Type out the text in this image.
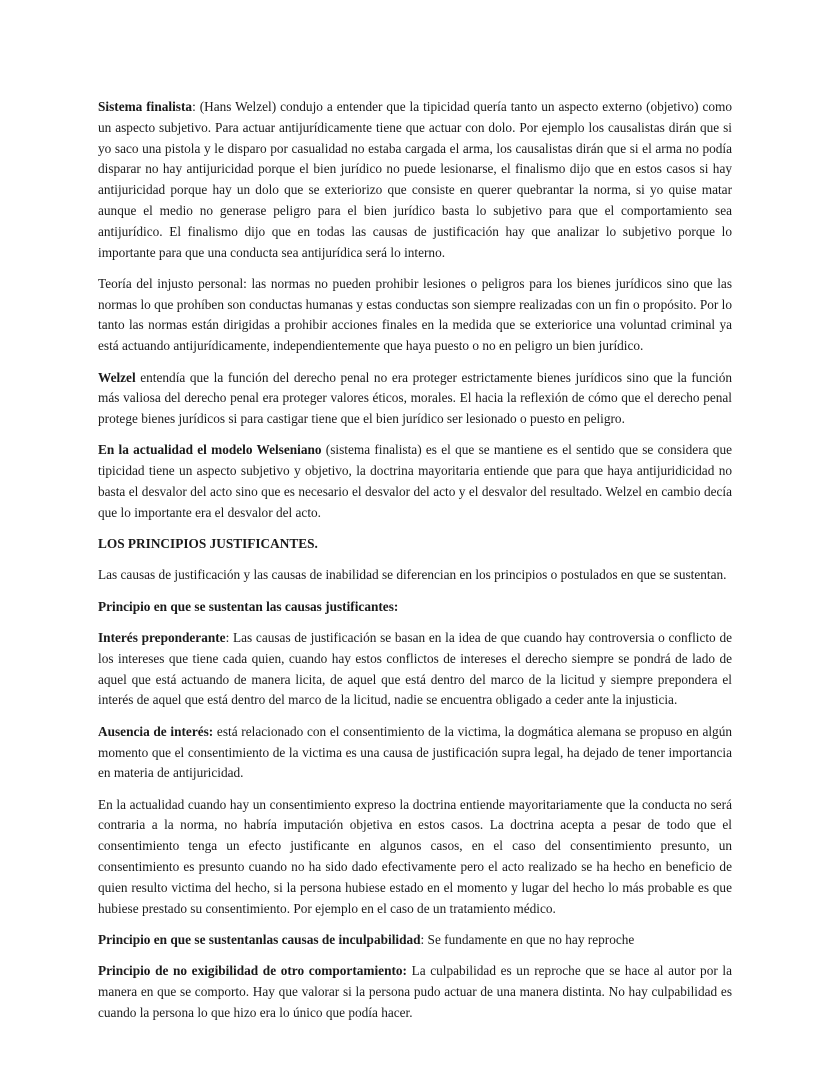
Sistema finalista: (Hans Welzel) condujo a entender que la tipicidad quería tanto un aspecto externo (objetivo) como un aspecto subjetivo. Para actuar antijurídicamente tiene que actuar con dolo. Por ejemplo los causalistas dirán que si yo saco una pistola y le disparo por casualidad no estaba cargada el arma, los causalistas dirán que si el arma no podía disparar no hay antijuricidad porque el bien jurídico no puede lesionarse, el finalismo dijo que en estos casos si hay antijuricidad porque hay un dolo que se exteriorizo que consiste en querer quebrantar la norma, si yo quise matar aunque el medio no generase peligro para el bien jurídico basta lo subjetivo para que el comportamiento sea antijurídico. El finalismo dijo que en todas las causas de justificación hay que analizar lo subjetivo porque lo importante para que una conducta sea antijurídica será lo interno.

Teoría del injusto personal: las normas no pueden prohibir lesiones o peligros para los bienes jurídicos sino que las normas lo que prohíben son conductas humanas y estas conductas son siempre realizadas con un fin o propósito. Por lo tanto las normas están dirigidas a prohibir acciones finales en la medida que se exteriorice una voluntad criminal ya está actuando antijurídicamente, independientemente que haya puesto o no en peligro un bien jurídico.

Welzel entendía que la función del derecho penal no era proteger estrictamente bienes jurídicos sino que la función más valiosa del derecho penal era proteger valores éticos, morales. El hacia la reflexión de cómo que el derecho penal protege bienes jurídicos si para castigar tiene que el bien jurídico ser lesionado o puesto en peligro.

En la actualidad el modelo Welseniano (sistema finalista) es el que se mantiene es el sentido que se considera que tipicidad tiene un aspecto subjetivo y objetivo, la doctrina mayoritaria entiende que para que haya antijuridicidad no basta el desvalor del acto sino que es necesario el desvalor del acto y el desvalor del resultado. Welzel en cambio decía que lo importante era el desvalor del acto.

LOS PRINCIPIOS JUSTIFICANTES.

Las causas de justificación y las causas de inabilidad se diferencian en los principios o postulados en que se sustentan.

Principio en que se sustentan las causas justificantes:

Interés preponderante: Las causas de justificación se basan en la idea de que cuando hay controversia o conflicto de los intereses que tiene cada quien, cuando hay estos conflictos de intereses el derecho siempre se pondrá de lado de aquel que está actuando de manera licita, de aquel que está dentro del marco de la licitud y siempre prepondera el interés de aquel que está dentro del marco de la licitud, nadie se encuentra obligado a ceder ante la injusticia.

Ausencia de interés: está relacionado con el consentimiento de la victima, la dogmática alemana se propuso en algún momento que el consentimiento de la victima es una causa de justificación supra legal, ha dejado de tener importancia en materia de antijuricidad.

En la actualidad cuando hay un consentimiento expreso la doctrina entiende mayoritariamente que la conducta no será contraria a la norma, no habría imputación objetiva en estos casos. La doctrina acepta a pesar de todo que el consentimiento tenga un efecto justificante en algunos casos, en el caso del consentimiento presunto, un consentimiento es presunto cuando no ha sido dado efectivamente pero el acto realizado se ha hecho en beneficio de quien resulto victima del hecho, si la persona hubiese estado en el momento y lugar del hecho lo más probable es que hubiese prestado su consentimiento. Por ejemplo en el caso de un tratamiento médico.

Principio en que se sustentanlas causas de inculpabilidad: Se fundamente en que no hay reproche

Principio de no exigibilidad de otro comportamiento: La culpabilidad es un reproche que se hace al autor por la manera en que se comporto. Hay que valorar si la persona pudo actuar de una manera distinta. No hay culpabilidad es cuando la persona lo que hizo era lo único que podía hacer.
